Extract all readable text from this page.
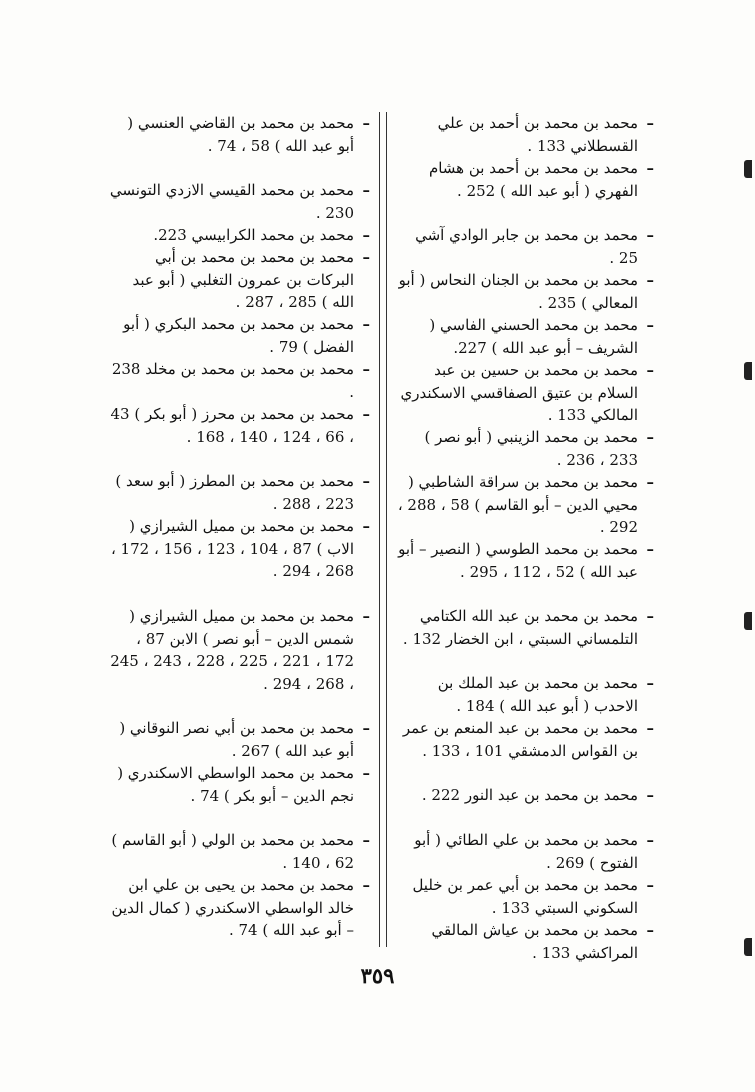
–
محمد بن محمد بن أحمد بن علي القسطلاني 133 .
–
محمد بن محمد بن أحمد بن هشام الفهري ( أبو عبد الله ) 252 .
–
محمد بن محمد بن جابر الوادي آشي 25 .
–
محمد بن محمد بن الجنان النحاس ( أبو المعالي ) 235 .
–
محمد بن محمد الحسني الفاسي ( الشريف – أبو عبد الله ) 227.
–
محمد بن محمد بن حسين بن عبد السلام بن عتيق الصفاقسي الاسكندري المالكي 133 .
–
محمد بن محمد الزينبي ( أبو نصر ) 233 ، 236 .
–
محمد بن محمد بن سراقة الشاطبي ( محيي الدين – أبو القاسم ) 58 ، 288 ، 292 .
–
محمد بن محمد الطوسي ( النصير – أبو عبد الله ) 52 ، 112 ، 295 .
–
محمد بن محمد بن عبد الله الكتامي التلمساني السبتي ، ابن الخضار 132 .
–
محمد بن محمد بن عبد الملك بن الاحدب ( أبو عبد الله ) 184 .
–
محمد بن محمد بن عبد المنعم بن عمر بن القواس الدمشقي 101 ، 133 .
–
محمد بن محمد بن عبد النور 222 .
–
محمد بن محمد بن علي الطائي ( أبو الفتوح ) 269 .
–
محمد بن محمد بن أبي عمر بن خليل السكوني السبتي 133 .
–
محمد بن محمد بن عياش المالقي المراكشي 133 .
–
محمد بن محمد بن القاضي العنسي ( أبو عبد الله ) 58 ، 74 .
–
محمد بن محمد القيسي الازدي التونسي 230 .
–
محمد بن محمد الكرابيسي 223.
–
محمد بن محمد بن محمد بن أبي البركات بن عمرون التغلبي ( أبو عبد الله ) 285 ، 287 .
–
محمد بن محمد بن محمد البكري ( أبو الفضل ) 79 .
–
محمد بن محمد بن محمد بن مخلد 238 .
–
محمد بن محمد بن محرز ( أبو بكر ) 43 ، 66 ، 124 ، 140 ، 168 .
–
محمد بن محمد بن المطرز ( أبو سعد ) 223 ، 288 .
–
محمد بن محمد بن مميل الشيرازي ( الاب ) 87 ، 104 ، 123 ، 156 ، 172 ، 268 ، 294 .
–
محمد بن محمد بن مميل الشيرازي ( شمس الدين – أبو نصر ) الابن 87 ، 172 ، 221 ، 225 ، 228 ، 243 ، 245 ، 268 ، 294 .
–
محمد بن محمد بن أبي نصر النوقاني ( أبو عبد الله ) 267 .
–
محمد بن محمد الواسطي الاسكندري ( نجم الدين – أبو بكر ) 74 .
–
محمد بن محمد بن الولي ( أبو القاسم ) 62 ، 140 .
–
محمد بن محمد بن يحيى بن علي ابن خالد الواسطي الاسكندري ( كمال الدين – أبو عبد الله ) 74 .
٣٥٩
